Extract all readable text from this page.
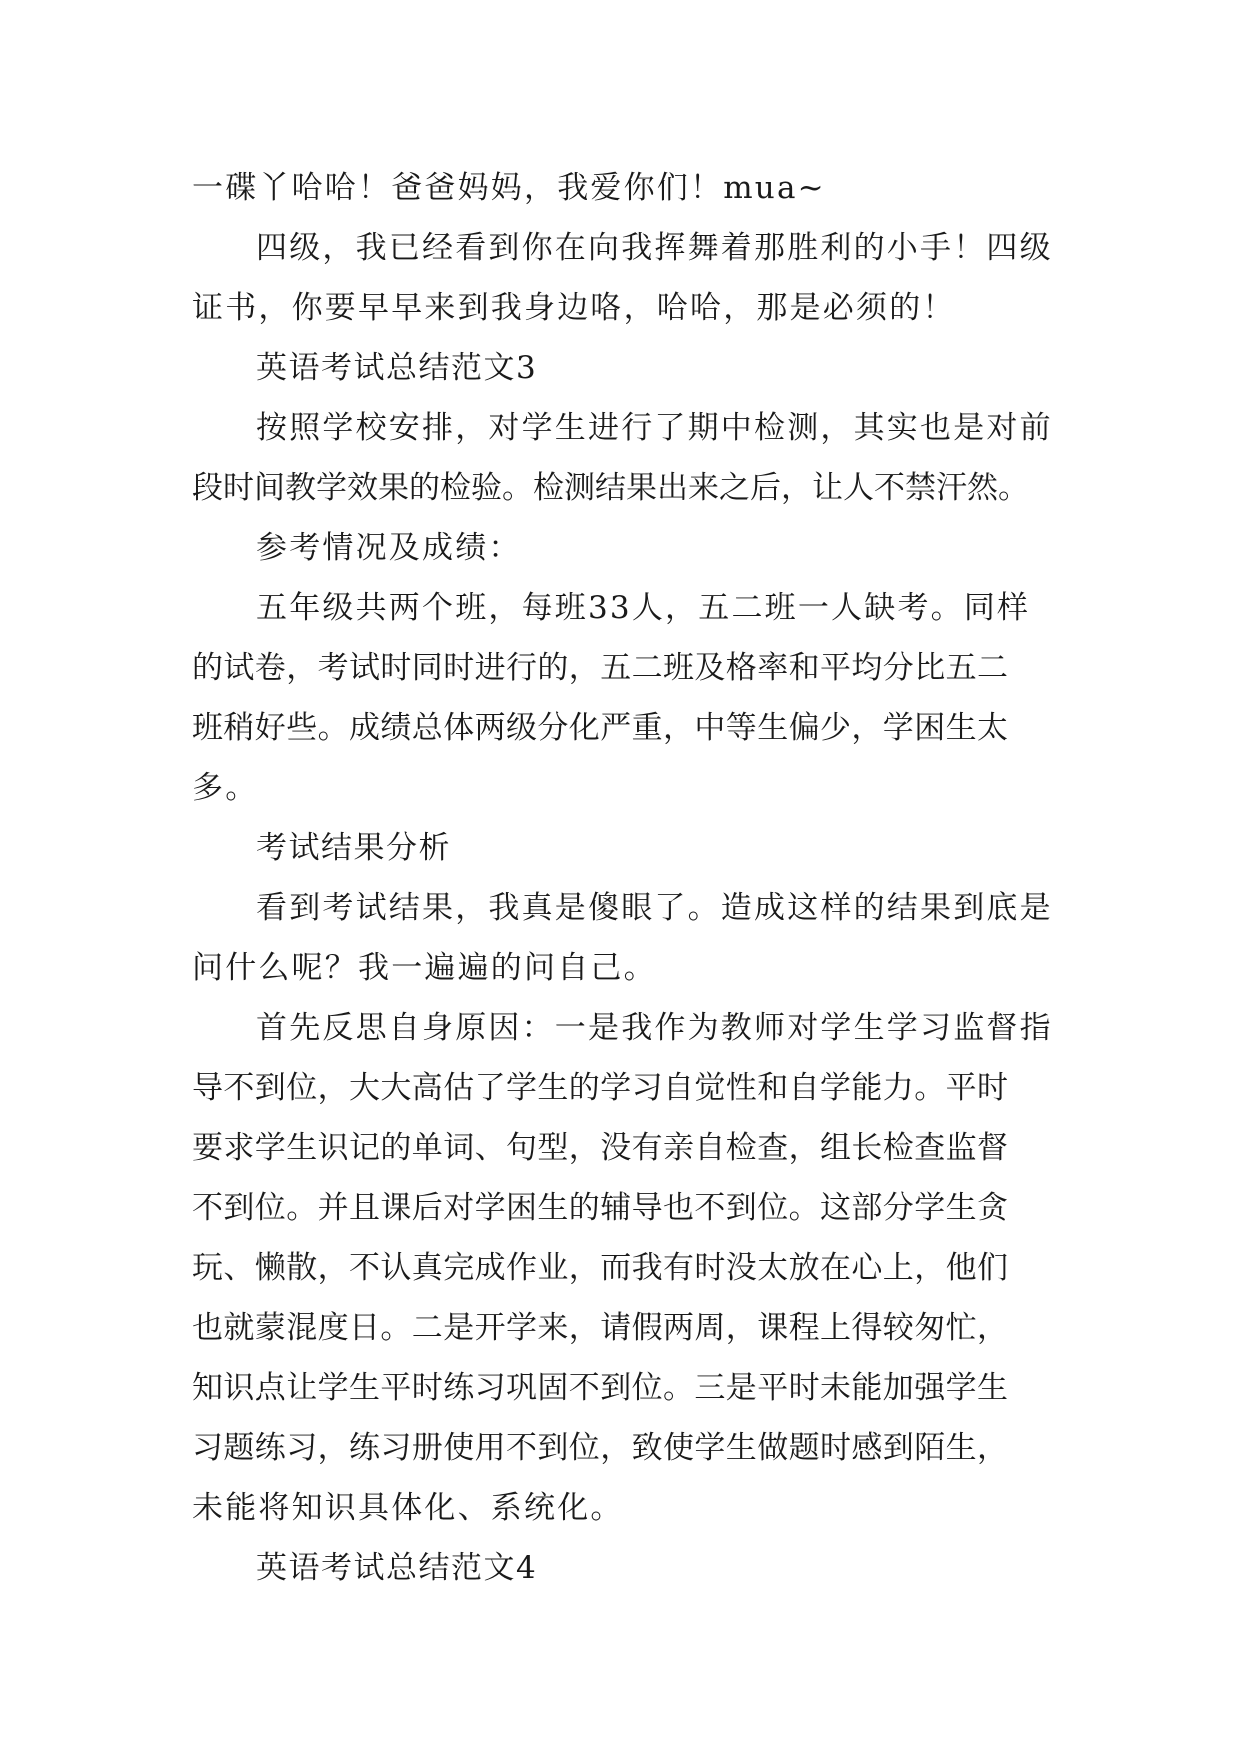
一碟丫哈哈！爸爸妈妈，我爱你们！mua~
四级，我已经看到你在向我挥舞着那胜利的小手！四级
证书，你要早早来到我身边咯，哈哈，那是必须的！
英语考试总结范文3
按照学校安排，对学生进行了期中检测，其实也是对前
段时间教学效果的检验。检测结果出来之后，让人不禁汗然。
参考情况及成绩：
五年级共两个班，每班33人，五二班一人缺考。同样
的试卷，考试时同时进行的，五二班及格率和平均分比五二
班稍好些。成绩总体两级分化严重，中等生偏少，学困生太
多。
考试结果分析
看到考试结果，我真是傻眼了。造成这样的结果到底是
问什么呢？我一遍遍的问自己。
首先反思自身原因：一是我作为教师对学生学习监督指
导不到位，大大高估了学生的学习自觉性和自学能力。平时
要求学生识记的单词、句型，没有亲自检查，组长检查监督
不到位。并且课后对学困生的辅导也不到位。这部分学生贪
玩、懒散，不认真完成作业，而我有时没太放在心上，他们
也就蒙混度日。二是开学来，请假两周，课程上得较匆忙，
知识点让学生平时练习巩固不到位。三是平时未能加强学生
习题练习，练习册使用不到位，致使学生做题时感到陌生，
未能将知识具体化、系统化。
英语考试总结范文4
